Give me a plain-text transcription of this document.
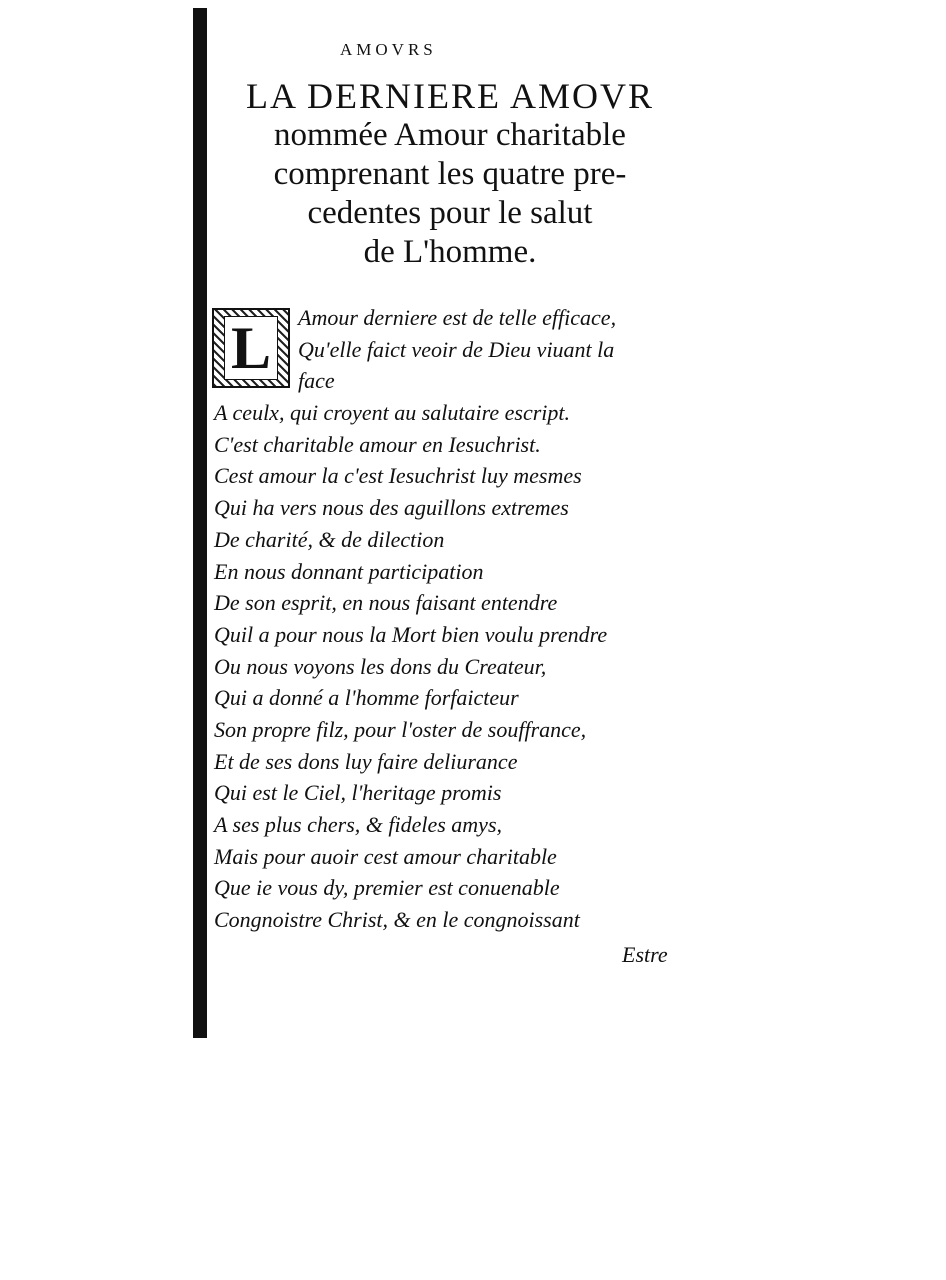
AMOVRS
LA DERNIERE AMOVR
nommée Amour charitable
comprenant les quatre pre-
cedentes pour le salut
de L'homme.
L	Amour derniere est de telle efficace,
Qu'elle faict veoir de Dieu viuant la
face
A ceulx, qui croyent au salutaire escript.
C'est charitable amour en Iesuchrist.
Cest amour la c'est Iesuchrist luy mesmes
Qui ha vers nous des aguillons extremes
De charité, & de dilection
En nous donnant participation
De son esprit, en nous faisant entendre
Quil a pour nous la Mort bien voulu prendre
Ou nous voyons les dons du Createur,
Qui a donné a l'homme forfaicteur
Son propre filz, pour l'oster de souffrance,
Et de ses dons luy faire deliurance
Qui est le Ciel, l'heritage promis
A ses plus chers, & fideles amys,
Mais pour auoir cest amour charitable
Que ie vous dy, premier est conuenable
Congnoistre Christ, & en le congnoissant
Estre
